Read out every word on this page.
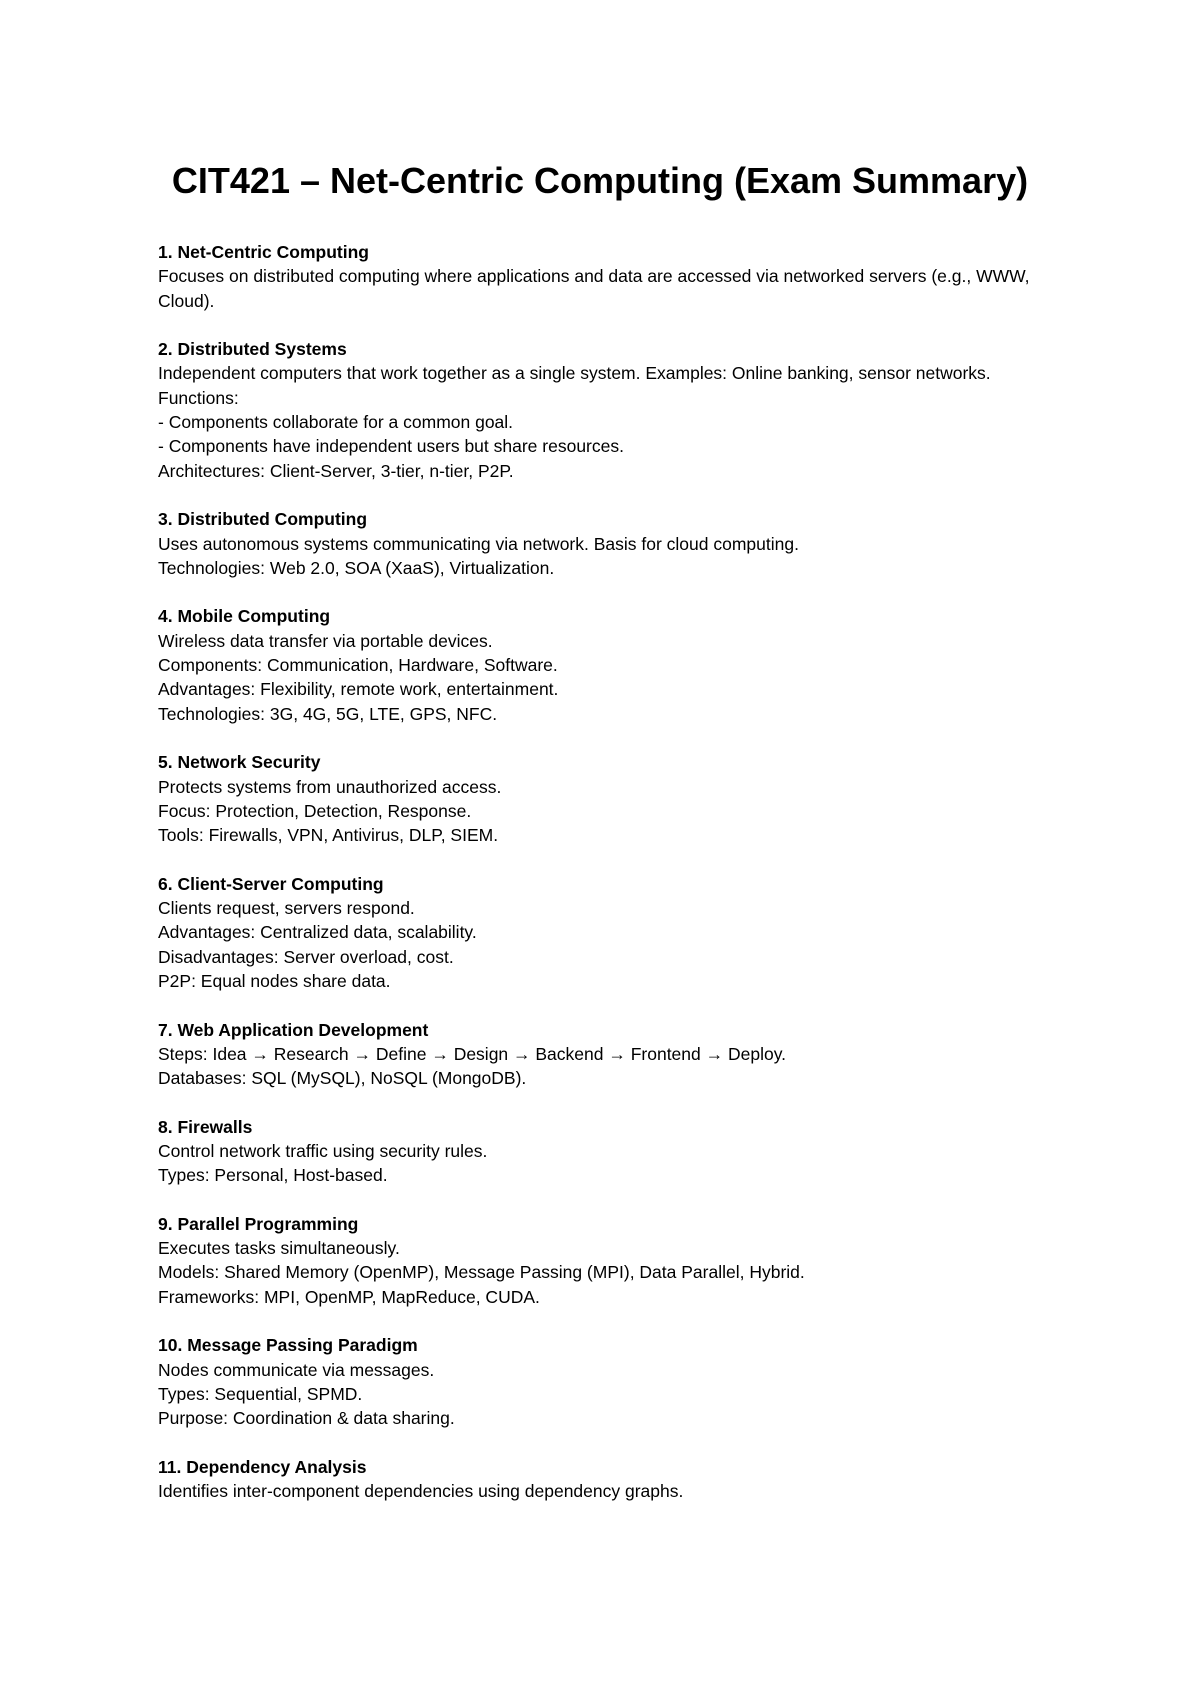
CIT421 – Net-Centric Computing (Exam Summary)

1. Net-Centric Computing

Focuses on distributed computing where applications and data are accessed via networked servers (e.g., WWW, Cloud).

2. Distributed Systems

Independent computers that work together as a single system. Examples: Online banking, sensor networks.

Functions:

- Components collaborate for a common goal.

- Components have independent users but share resources.

Architectures: Client-Server, 3-tier, n-tier, P2P.

3. Distributed Computing

Uses autonomous systems communicating via network. Basis for cloud computing.

Technologies: Web 2.0, SOA (XaaS), Virtualization.

4. Mobile Computing

Wireless data transfer via portable devices.

Components: Communication, Hardware, Software.

Advantages: Flexibility, remote work, entertainment.

Technologies: 3G, 4G, 5G, LTE, GPS, NFC.

5. Network Security

Protects systems from unauthorized access.

Focus: Protection, Detection, Response.

Tools: Firewalls, VPN, Antivirus, DLP, SIEM.

6. Client-Server Computing

Clients request, servers respond.

Advantages: Centralized data, scalability.

Disadvantages: Server overload, cost.

P2P: Equal nodes share data.

7. Web Application Development

Steps: Idea → Research → Define → Design → Backend → Frontend → Deploy.

Databases: SQL (MySQL), NoSQL (MongoDB).

8. Firewalls

Control network traffic using security rules.

Types: Personal, Host-based.

9. Parallel Programming

Executes tasks simultaneously.

Models: Shared Memory (OpenMP), Message Passing (MPI), Data Parallel, Hybrid.

Frameworks: MPI, OpenMP, MapReduce, CUDA.

10. Message Passing Paradigm

Nodes communicate via messages.

Types: Sequential, SPMD.

Purpose: Coordination & data sharing.

11. Dependency Analysis

Identifies inter-component dependencies using dependency graphs.
